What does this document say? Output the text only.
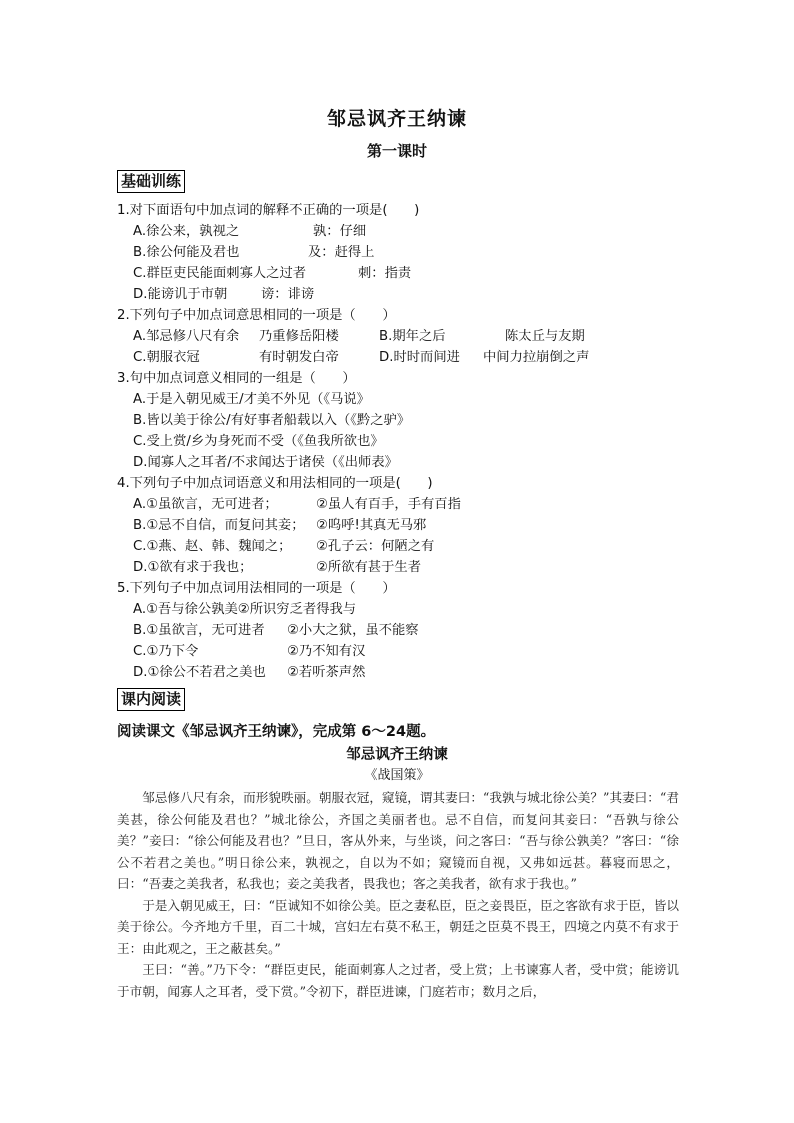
邹忌讽齐王纳谏
第一课时
基础训练
1.对下面语句中加点词的解释不正确的一项是(　　)
A.徐公来，孰视之	孰：仔细
B.徐公何能及君也	及：赶得上
C.群臣吏民能面刺寡人之过者	刺：指责
D.能谤讥于市朝	谤：诽谤
2.下列句子中加点词意思相同的一项是（　　）
A.邹忌修八尺有余 乃重修岳阳楼	B.期年之后	陈太丘与友期
C.朝服衣冠	有时朝发白帝	D.时时而间进 中间力拉崩倒之声
3.句中加点词意义相同的一组是（　　）
A.于是入朝见威王/才美不外见（《马说》
B.皆以美于徐公/有好事者船载以入（《黔之驴》
C.受上赏/乡为身死而不受（《鱼我所欲也》
D.闻寡人之耳者/不求闻达于诸侯（《出师表》
4.下列句子中加点词语意义和用法相同的一项是(　　)
A.①虽欲言，无可进者；	②虽人有百手，手有百指
B.①忌不自信，而复问其妾； ②呜呼!其真无马邪
C.①燕、赵、韩、魏闻之； ②孔子云：何陋之有
D.①欲有求于我也；	②所欲有甚于生者
5.下列句子中加点词用法相同的一项是（　　）
A.①吾与徐公孰美②所识穷乏者得我与
B.①虽欲言，无可进者 ②小大之狱，虽不能察
C.①乃下令	②乃不知有汉
D.①徐公不若君之美也 ②若听茶声然
课内阅读
阅读课文《邹忌讽齐王纳谏》，完成第 6～24题。
邹忌讽齐王纳谏
《战国策》

邹忌修八尺有余，而形貌昳丽。朝服衣冠，窥镜，谓其妻曰：“我孰与城北徐公美？”其妻曰：“君美甚，徐公何能及君也？”城北徐公，齐国之美丽者也。忌不自信，而复问其妾曰：“吾孰与徐公美？”妾曰：“徐公何能及君也？”旦日，客从外来，与坐谈，问之客曰：“吾与徐公孰美？”客曰：“徐公不若君之美也。”明日徐公来，孰视之，自以为不如；窥镜而自视，又弗如远甚。暮寝而思之，曰：“吾妻之美我者，私我也；妾之美我者，畏我也；客之美我者，欲有求于我也。”

于是入朝见威王，曰：“臣诚知不如徐公美。臣之妻私臣，臣之妾畏臣，臣之客欲有求于臣，皆以美于徐公。今齐地方千里，百二十城，宫妇左右莫不私王，朝廷之臣莫不畏王，四境之内莫不有求于王：由此观之，王之蔽甚矣。”

王曰：“善。”乃下令：“群臣吏民，能面刺寡人之过者，受上赏；上书谏寡人者，受中赏；能谤讥于市朝，闻寡人之耳者，受下赏。”令初下，群臣进谏，门庭若市；数月之后，
